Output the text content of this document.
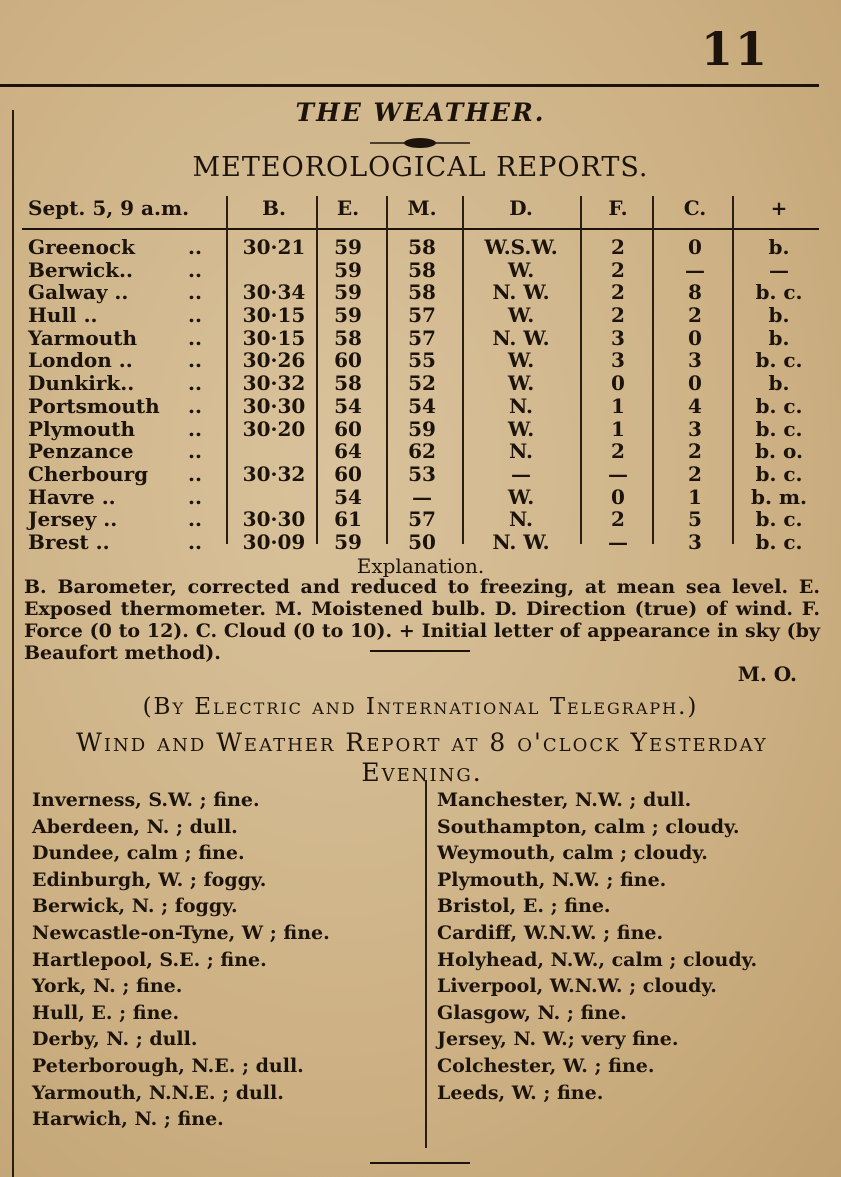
11
THE WEATHER.
METEOROLOGICAL REPORTS.
Sept. 5, 9 a.m.	B.	E.	M.	D.	F.	C.	+
Greenock	.. 30·21	59	58	W.S.W.	2	0	b.
Berwick..	..	59	58	W.	2	—	—
Galway ..	.. 30·34	59	58	N. W.	2	8	b. c.
Hull ..	.. 30·15	59	57	W.	2	2	b.
Yarmouth	.. 30·15	58	57	N. W.	3	0	b.
London ..	.. 30·26	60	55	W.	3	3	b. c.
Dunkirk..	.. 30·32	58	52	W.	0	0	b.
Portsmouth .. 30·30	54	54	N.	1	4	b. c.
Plymouth	.. 30·20	60	59	W.	1	3	b. c.
Penzance	..	64	62	N.	2	2	b. o.
Cherbourg .. 30·32	60	53	—	—	2	b. c.
Havre ..	..	54	—	W.	0	1	b. m.
Jersey ..	.. 30·30	61	57	N.	2	5	b. c.
Brest ..	.. 30·09	59	50	N. W.	—	3	b. c.
Explanation.

B. Barometer, corrected and reduced to freezing, at mean sea level. E. Exposed thermometer. M. Moistened bulb. D. Direction (true) of wind. F. Force (0 to 12). C. Cloud (0 to 10). + Initial letter of appearance in sky (by Beaufort method).

M. O.
(By Electric and International Telegraph.)
Wind and Weather Report at 8 o'clock Yesterday Evening.
Inverness, S.W. ; fine.
Aberdeen, N. ; dull.
Dundee, calm ; fine.
Edinburgh, W. ; foggy.
Berwick, N. ; foggy.
Newcastle-on-Tyne, W ; fine.
Hartlepool, S.E. ; fine.
York, N. ; fine.
Hull, E. ; fine.
Derby, N. ; dull.
Peterborough, N.E. ; dull.
Yarmouth, N.N.E. ; dull.
Harwich, N. ; fine.
Manchester, N.W. ; dull.
Southampton, calm ; cloudy.
Weymouth, calm ; cloudy.
Plymouth, N.W. ; fine.
Bristol, E. ; fine.
Cardiff, W.N.W. ; fine.
Holyhead, N.W., calm ; cloudy.
Liverpool, W.N.W. ; cloudy.
Glasgow, N. ; fine.
Jersey, N. W.; very fine.
Colchester, W. ; fine.
Leeds, W. ; fine.
